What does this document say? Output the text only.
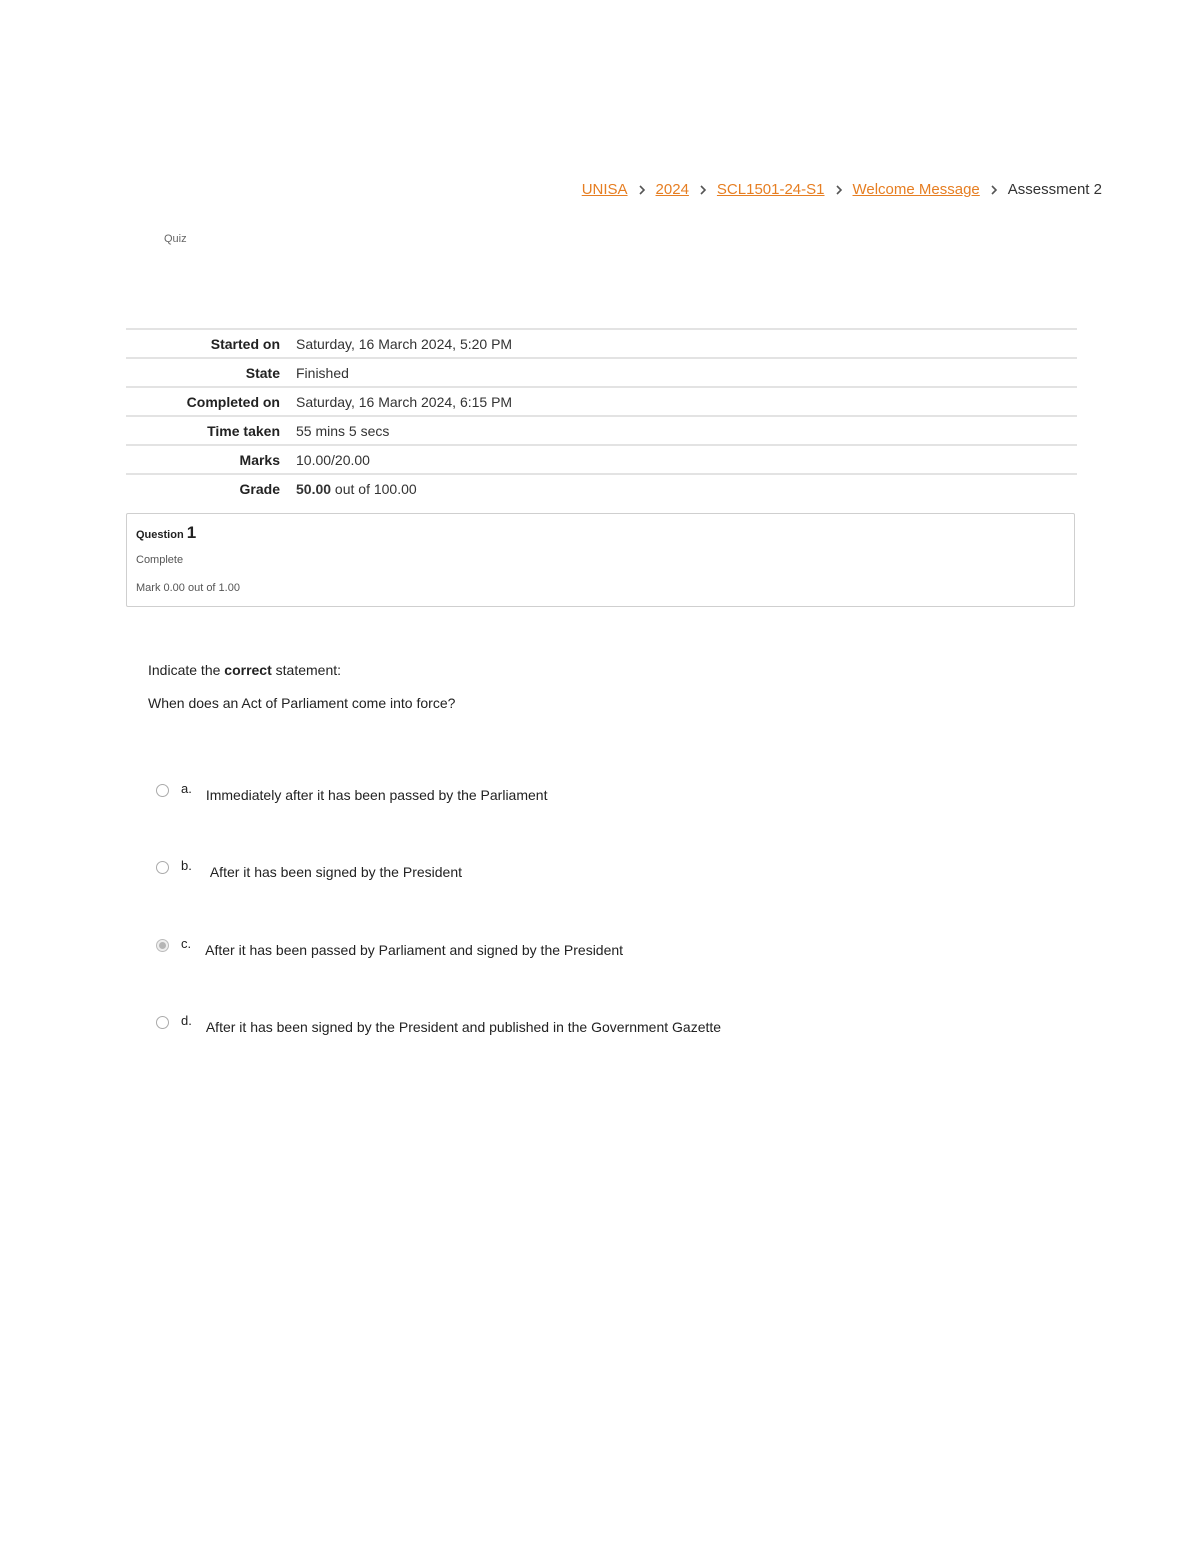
UNISA 2024 SCL1501-24-S1 Welcome Message Assessment 2
Quiz
Started on	Saturday, 16 March 2024, 5:20 PM
State	Finished
Completed on	Saturday, 16 March 2024, 6:15 PM
Time taken	55 mins 5 secs
Marks	10.00/20.00
Grade	50.00 out of 100.00
Question 1
Complete
Mark 0.00 out of 1.00
Indicate the correct statement:
When does an Act of Parliament come into force?
a. Immediately after it has been passed by the Parliament
b. After it has been signed by the President
c. After it has been passed by Parliament and signed by the President
d. After it has been signed by the President and published in the Government Gazette
